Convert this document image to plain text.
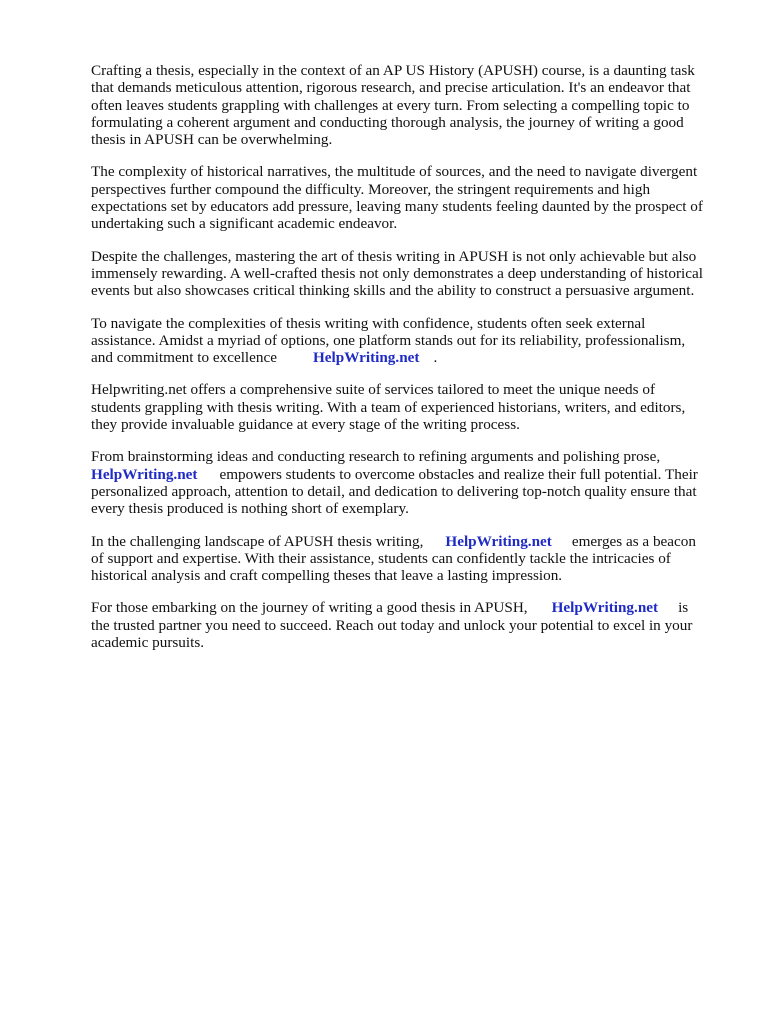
Crafting a thesis, especially in the context of an AP US History (APUSH) course, is a daunting task
that demands meticulous attention, rigorous research, and precise articulation. It's an endeavor that
often leaves students grappling with challenges at every turn. From selecting a compelling topic to
formulating a coherent argument and conducting thorough analysis, the journey of writing a good
thesis in APUSH can be overwhelming.

The complexity of historical narratives, the multitude of sources, and the need to navigate divergent
perspectives further compound the difficulty. Moreover, the stringent requirements and high
expectations set by educators add pressure, leaving many students feeling daunted by the prospect of
undertaking such a significant academic endeavor.

Despite the challenges, mastering the art of thesis writing in APUSH is not only achievable but also
immensely rewarding. A well-crafted thesis not only demonstrates a deep understanding of historical
events but also showcases critical thinking skills and the ability to construct a persuasive argument.

To navigate the complexities of thesis writing with confidence, students often seek external
assistance. Amidst a myriad of options, one platform stands out for its reliability, professionalism,
and commitment to excellence HelpWriting.net .

Helpwriting.net offers a comprehensive suite of services tailored to meet the unique needs of
students grappling with thesis writing. With a team of experienced historians, writers, and editors,
they provide invaluable guidance at every stage of the writing process.

From brainstorming ideas and conducting research to refining arguments and polishing prose,
HelpWriting.net empowers students to overcome obstacles and realize their full potential. Their
personalized approach, attention to detail, and dedication to delivering top-notch quality ensure that
every thesis produced is nothing short of exemplary.

In the challenging landscape of APUSH thesis writing, HelpWriting.net emerges as a beacon
of support and expertise. With their assistance, students can confidently tackle the intricacies of
historical analysis and craft compelling theses that leave a lasting impression.

For those embarking on the journey of writing a good thesis in APUSH, HelpWriting.net is
the trusted partner you need to succeed. Reach out today and unlock your potential to excel in your
academic pursuits.
